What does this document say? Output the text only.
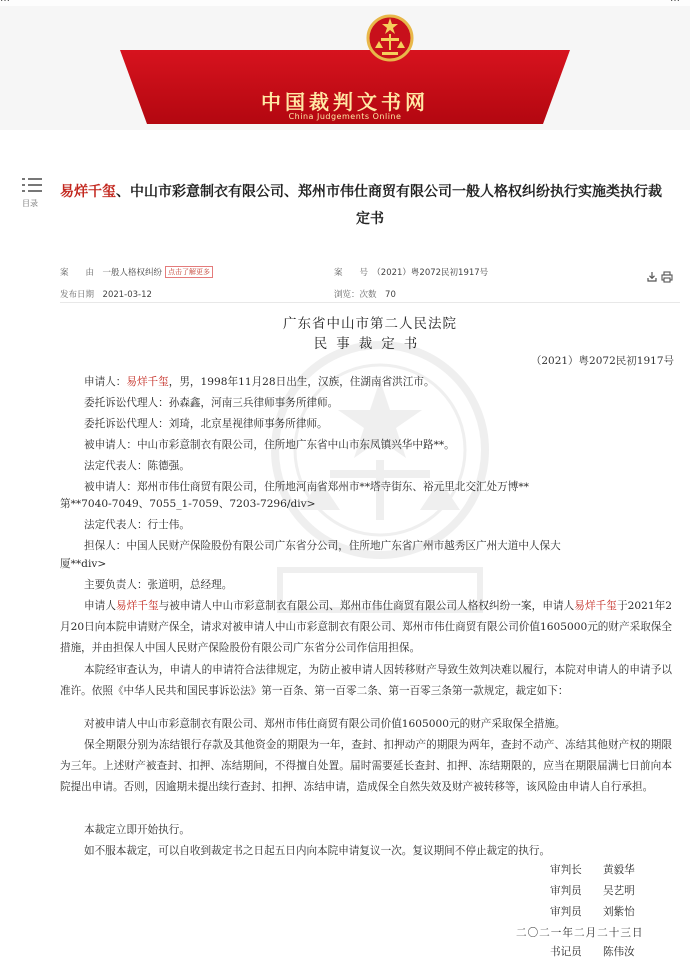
中国裁判文书网
China Judgements Online
目录
易烊千玺、中山市彩意制衣有限公司、郑州市伟仕商贸有限公司一般人格权纠纷执行实施类执行裁
定书
案　　由　 一般人格权纠纷 点击了解更多	案　　号　 （2021）粤2072民初1917号
发布日期　 2021-03-12	浏览：次数　 70
广东省中山市第二人民法院
民事裁定书
（2021）粤2072民初1917号
申请人：易烊千玺，男，1998年11月28日出生，汉族，住湖南省洪江市。
委托诉讼代理人：孙森鑫，河南三兵律师事务所律师。
委托诉讼代理人：刘琦，北京星视律师事务所律师。
被申请人：中山市彩意制衣有限公司，住所地广东省中山市东凤镇兴华中路**。
法定代表人：陈德强。
被申请人：郑州市伟仕商贸有限公司，住所地河南省郑州市**塔寺街东、裕元里北交汇处万博**
第**7040-7049、7055_1-7059、7203-7296/div>
法定代表人：行士伟。
担保人：中国人民财产保险股份有限公司广东省分公司，住所地广东省广州市越秀区广州大道中人保大
厦**div>
主要负责人：张道明，总经理。
申请人易烊千玺与被申请人中山市彩意制衣有限公司、郑州市伟仕商贸有限公司人格权纠纷一案，申请人易烊千玺于2021年2月20日向本院申请财产保全，请求对被申请人中山市彩意制衣有限公司、郑州市伟仕商贸有限公司价值1605000元的财产采取保全措施，并由担保人中国人民财产保险股份有限公司广东省分公司作信用担保。
本院经审查认为，申请人的申请符合法律规定，为防止被申请人因转移财产导致生效判决难以履行，本院对申请人的申请予以准许。依照《中华人民共和国民事诉讼法》第一百条、第一百零二条、第一百零三条第一款规定，裁定如下：
对被申请人中山市彩意制衣有限公司、郑州市伟仕商贸有限公司价值1605000元的财产采取保全措施。
保全期限分别为冻结银行存款及其他资金的期限为一年，查封、扣押动产的期限为两年，查封不动产、冻结其他财产权的期限为三年。上述财产被查封、扣押、冻结期间，不得擅自处置。届时需要延长查封、扣押、冻结期限的，应当在期限届满七日前向本院提出申请。否则，因逾期未提出续行查封、扣押、冻结申请，造成保全自然失效及财产被转移等，该风险由申请人自行承担。
本裁定立即开始执行。
如不服本裁定，可以自收到裁定书之日起五日内向本院申请复议一次。复议期间不停止裁定的执行。
审判长　　 黄毅华
审判员　　 吴艺明
审判员　　 刘紫怡
二〇二一年二月二十三日
书记员　　 陈伟汝
